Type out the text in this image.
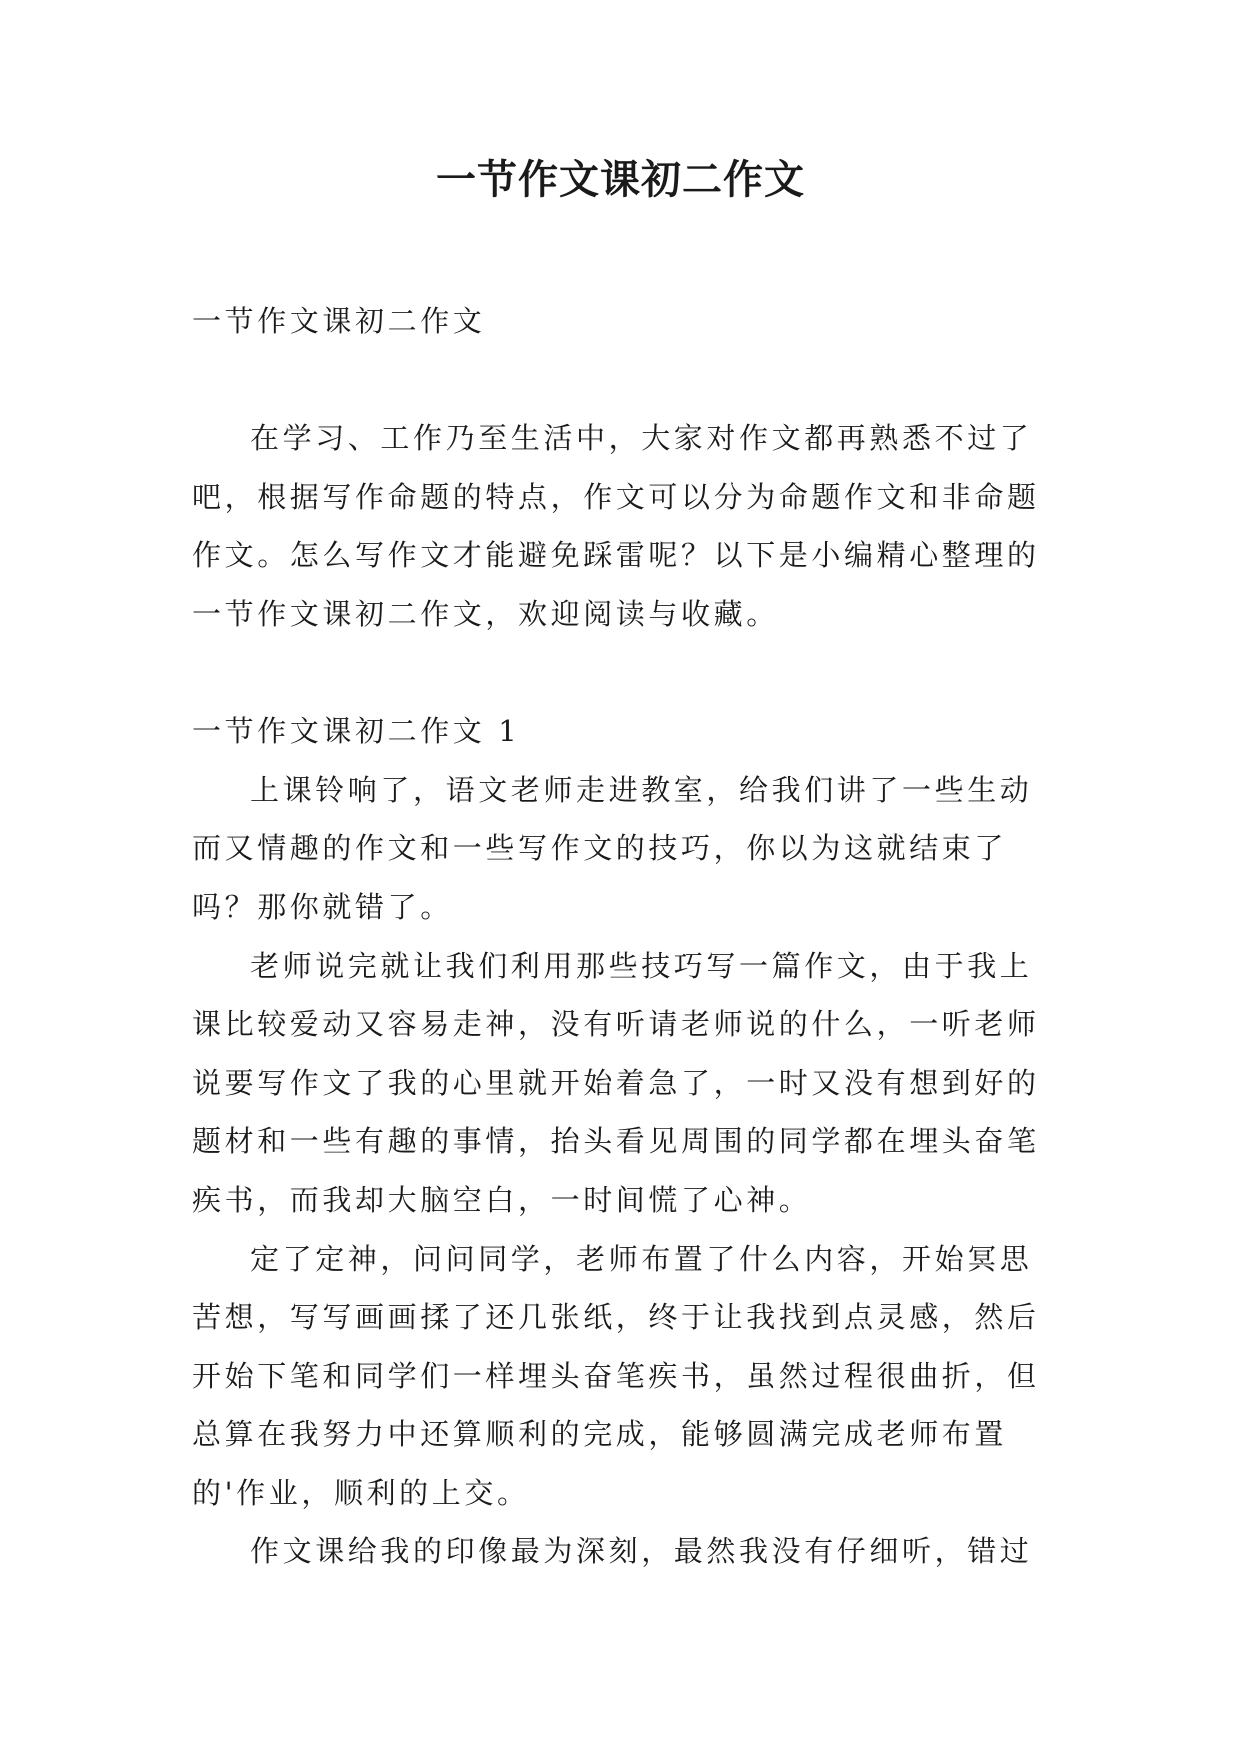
一节作文课初二作文

一节作文课初二作文

在学习、工作乃至生活中，大家对作文都再熟悉不过了吧，根据写作命题的特点，作文可以分为命题作文和非命题作文。怎么写作文才能避免踩雷呢？以下是小编精心整理的一节作文课初二作文，欢迎阅读与收藏。

一节作文课初二作文 1

上课铃响了，语文老师走进教室，给我们讲了一些生动而又情趣的作文和一些写作文的技巧，你以为这就结束了吗？那你就错了。

老师说完就让我们利用那些技巧写一篇作文，由于我上课比较爱动又容易走神，没有听请老师说的什么，一听老师说要写作文了我的心里就开始着急了，一时又没有想到好的题材和一些有趣的事情，抬头看见周围的同学都在埋头奋笔疾书，而我却大脑空白，一时间慌了心神。

定了定神，问问同学，老师布置了什么内容，开始冥思苦想，写写画画揉了还几张纸，终于让我找到点灵感，然后开始下笔和同学们一样埋头奋笔疾书，虽然过程很曲折，但总算在我努力中还算顺利的完成，能够圆满完成老师布置的'作业，顺利的上交。

作文课给我的印像最为深刻，最然我没有仔细听，错过
